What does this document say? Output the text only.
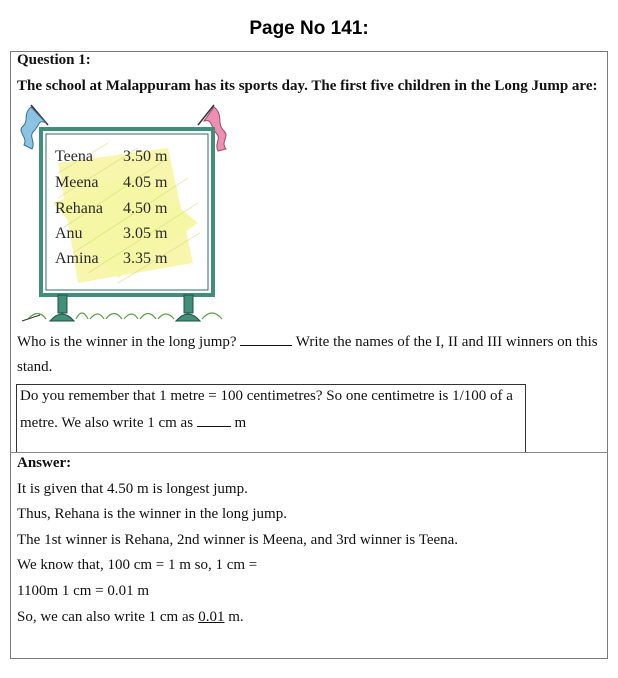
Page No 141:
Question 1:
The school at Malappuram has its sports day. The first five children in the Long Jump are:
Teena 3.50 m
Meena 4.05 m
Rehana 4.50 m
Anu	3.05 m
Amina 3.35 m
Who is the winner in the long jump?	Write the names of the I, II and III winners on this
stand.
Do you remember that 1 metre = 100 centimetres? So one centimetre is 1/100 of a
metre. We also write 1 cm as	m
Answer:
It is given that 4.50 m is longest jump.
Thus, Rehana is the winner in the long jump.
The 1st winner is Rehana, 2nd winner is Meena, and 3rd winner is Teena.
We know that, 100 cm = 1 m so, 1 cm =
1100m 1 cm = 0.01 m
So, we can also write 1 cm as 0.01 m.
